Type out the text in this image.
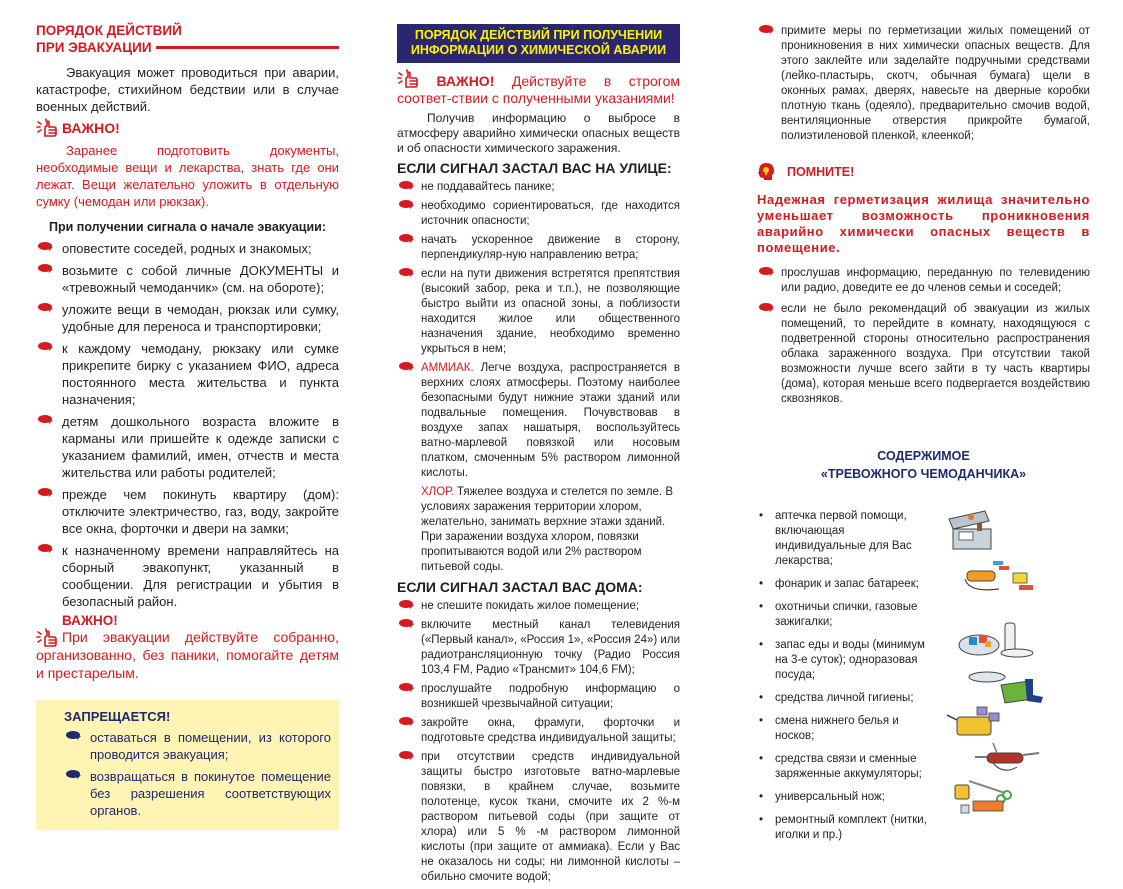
ПОРЯДОК ДЕЙСТВИЙ
ПРИ ЭВАКУАЦИИ

Эвакуация может проводиться при аварии, катастрофе, стихийном бедствии или в случае военных действий.

ВАЖНО!

Заранее подготовить документы, необходимые вещи и лекарства, знать где они лежат. Вещи желательно уложить в отдельную сумку (чемодан или рюкзак).

При получении сигнала о начале эвакуации:
оповестите соседей, родных и знакомых;
возьмите с собой личные ДОКУМЕНТЫ и «тревожный чемоданчик» (см. на обороте);
уложите вещи в чемодан, рюкзак или сумку, удобные для переноса и транспортировки;
к каждому чемодану, рюкзаку или сумке прикрепите бирку с указанием ФИО, адреса постоянного места жительства и пункта назначения;
детям дошкольного возраста вложите в карманы или пришейте к одежде записки с указанием фамилий, имен, отчеств и места жительства или работы родителей;
прежде чем покинуть квартиру (дом): отключите электричество, газ, воду, закройте все окна, форточки и двери на замки;
к назначенному времени направляйтесь на сборный эвакопункт, указанный в сообщении. Для регистрации и убытия в безопасный район.
ВАЖНО!

При эвакуации действуйте собранно, организованно, без паники, помогайте детям и престарелым.

ЗАПРЕЩАЕТСЯ!
оставаться в помещении, из которого проводится эвакуация;
возвращаться в покинутое помещение без разрешения соответствующих органов.
ПОРЯДОК ДЕЙСТВИЙ ПРИ ПОЛУЧЕНИИ
ИНФОРМАЦИИ О ХИМИЧЕСКОЙ АВАРИИ
ВАЖНО! Действуйте в строгом соответ-ствии с полученными указаниями!

Получив информацию о выбросе в атмосферу аварийно химически опасных веществ и об опасности химического заражения.

ЕСЛИ СИГНАЛ ЗАСТАЛ ВАС НА УЛИЦЕ:
не поддавайтесь панике;
необходимо сориентироваться, где находится источник опасности;
начать ускоренное движение в сторону, перпендикуляр-ную направлению ветра;
если на пути движения встретятся препятствия (высокий забор, река и т.п.), не позволяющие быстро выйти из опасной зоны, а поблизости находится жилое или общественного назначения здание, необходимо временно укрыться в нем;
АММИАК. Легче воздуха, распространяется в верхних слоях атмосферы. Поэтому наиболее безопасными будут нижние этажи зданий или подвальные помещения. Почувствовав в воздухе запах нашатыря, воспользуйтесь ватно-марлевой повязкой или носовым платком, смоченным 5% раствором лимонной кислоты.
ХЛОР. Тяжелее воздуха и стелется по земле. В условиях заражения территории хлором, желательно, занимать верхние этажи зданий. При заражении воздуха хлором, повязки пропитываются водой или 2% раствором питьевой соды.
ЕСЛИ СИГНАЛ ЗАСТАЛ ВАС ДОМА:
не спешите покидать жилое помещение;
включите местный канал телевидения («Первый канал», «Россия 1», «Россия 24») или радиотрансляционную точку (Радио Россия 103,4 FM, Радио «Трансмит» 104,6 FM);
прослушайте подробную информацию о возникшей чрезвычайной ситуации;
закройте окна, фрамуги, форточки и подготовьте средства индивидуальной защиты;
при отсутствии средств индивидуальной защиты быстро изготовьте ватно-марлевые повязки, в крайнем случае, возьмите полотенце, кусок ткани, смочите их 2 %-м раствором питьевой соды (при защите от хлора) или 5 % -м раствором лимонной кислоты (при защите от аммиака). Если у Вас не оказалось ни соды; ни лимонной кислоты – обильно смочите водой;
примите меры по герметизации жилых помещений от проникновения в них химически опасных веществ. Для этого заклейте или заделайте подручными средствами (лейко-пластырь, скотч, обычная бумага) щели в оконных рамах, дверях, навесьте на дверные коробки плотную ткань (одеяло), предварительно смочив водой, вентиляционные отверстия прикройте бумагой, полиэтиленовой пленкой, клеенкой;
ПОМНИТЕ!

Надежная герметизация жилища значительно уменьшает возможность проникновения аварийно химически опасных веществ в помещение.

прослушав информацию, переданную по телевидению или радио, доведите ее до членов семьи и соседей;
если не было рекомендаций об эвакуации из жилых помещений, то перейдите в комнату, находящуюся с подветренной стороны относительно распространения облака зараженного воздуха. При отсутствии такой возможности лучше всего зайти в ту часть квартиры (дома), которая меньше всего подвергается воздействию сквозняков.
СОДЕРЖИМОЕ
«ТРЕВОЖНОГО ЧЕМОДАНЧИКА»
• аптечка первой помощи, включающая индивидуальные для Вас лекарства;
• фонарик и запас батареек;
• охотничьи спички, газовые зажигалки;
• запас еды и воды (минимум на 3-е суток); одноразовая посуда;
• средства личной гигиены;
• смена нижнего белья и носков;
• средства связи и сменные заряженные аккумуляторы;
• универсальный нож;
• ремонтный комплект (нитки, иголки и пр.)
